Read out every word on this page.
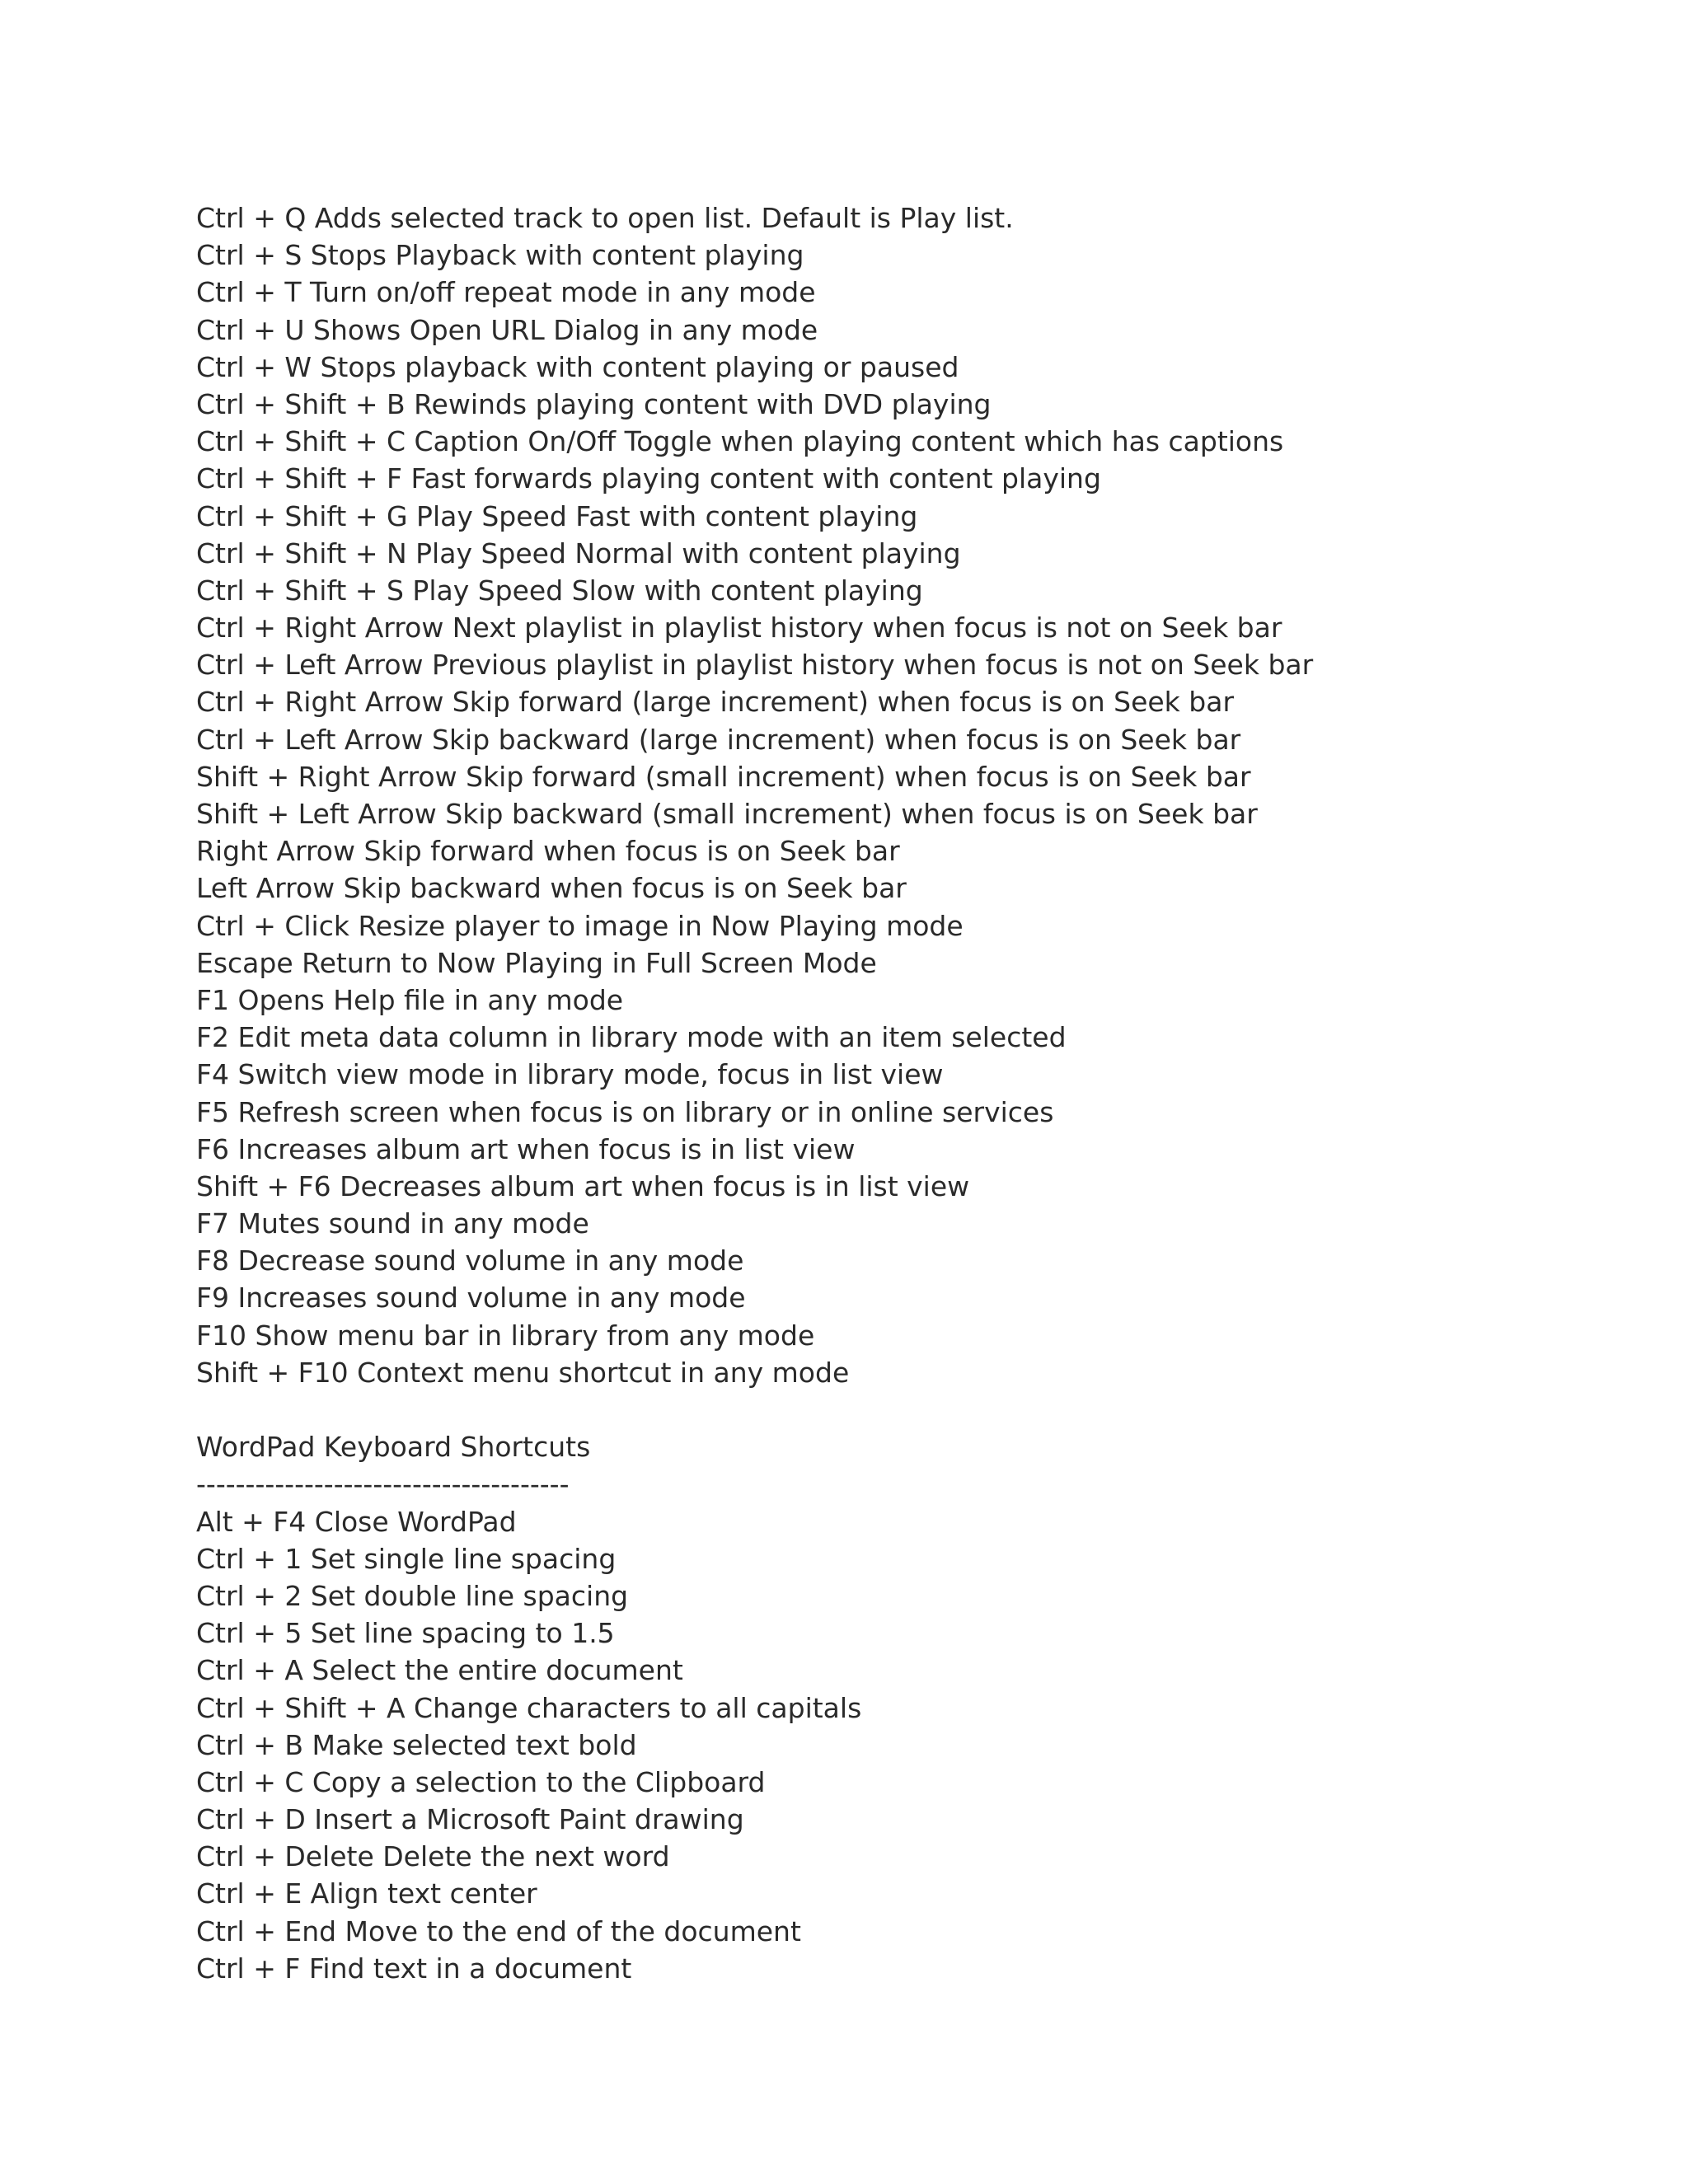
Ctrl + Q Adds selected track to open list. Default is Play list.
Ctrl + S Stops Playback with content playing
Ctrl + T Turn on/off repeat mode in any mode
Ctrl + U Shows Open URL Dialog in any mode
Ctrl + W Stops playback with content playing or paused
Ctrl + Shift + B Rewinds playing content with DVD playing
Ctrl + Shift + C Caption On/Off Toggle when playing content which has captions
Ctrl + Shift + F Fast forwards playing content with content playing
Ctrl + Shift + G Play Speed Fast with content playing
Ctrl + Shift + N Play Speed Normal with content playing
Ctrl + Shift + S Play Speed Slow with content playing
Ctrl + Right Arrow Next playlist in playlist history when focus is not on Seek bar
Ctrl + Left Arrow Previous playlist in playlist history when focus is not on Seek bar
Ctrl + Right Arrow Skip forward (large increment) when focus is on Seek bar
Ctrl + Left Arrow Skip backward (large increment) when focus is on Seek bar
Shift + Right Arrow Skip forward (small increment) when focus is on Seek bar
Shift + Left Arrow Skip backward (small increment) when focus is on Seek bar
Right Arrow Skip forward when focus is on Seek bar
Left Arrow Skip backward when focus is on Seek bar
Ctrl + Click Resize player to image in Now Playing mode
Escape Return to Now Playing in Full Screen Mode
F1 Opens Help file in any mode
F2 Edit meta data column in library mode with an item selected
F4 Switch view mode in library mode, focus in list view
F5 Refresh screen when focus is on library or in online services
F6 Increases album art when focus is in list view
Shift + F6 Decreases album art when focus is in list view
F7 Mutes sound in any mode
F8 Decrease sound volume in any mode
F9 Increases sound volume in any mode
F10 Show menu bar in library from any mode
Shift + F10 Context menu shortcut in any mode
WordPad Keyboard Shortcuts
--------------------------------------
Alt + F4 Close WordPad
Ctrl + 1 Set single line spacing
Ctrl + 2 Set double line spacing
Ctrl + 5 Set line spacing to 1.5
Ctrl + A Select the entire document
Ctrl + Shift + A Change characters to all capitals
Ctrl + B Make selected text bold
Ctrl + C Copy a selection to the Clipboard
Ctrl + D Insert a Microsoft Paint drawing
Ctrl + Delete Delete the next word
Ctrl + E Align text center
Ctrl + End Move to the end of the document
Ctrl + F Find text in a document
